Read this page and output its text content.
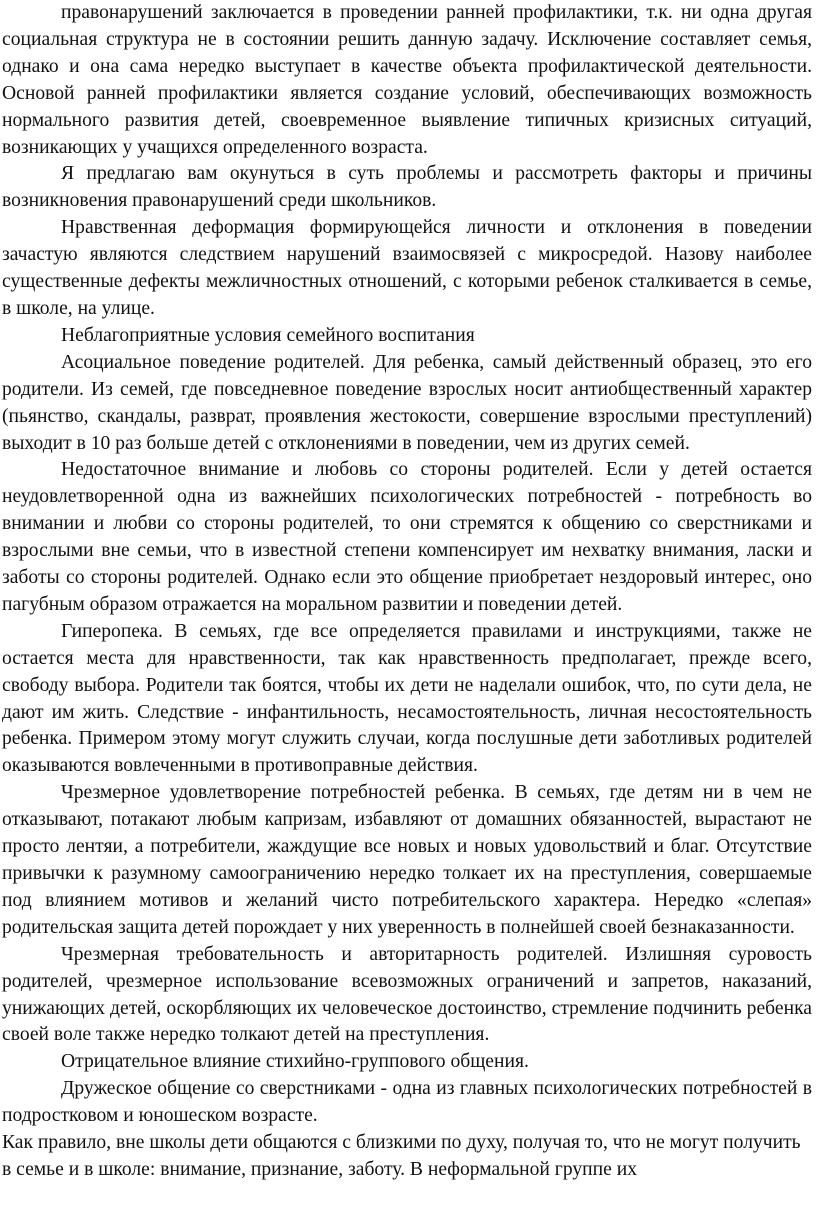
правонарушений заключается в проведении ранней профилактики, т.к. ни одна другая социальная структура не в состоянии решить данную задачу. Исключение составляет семья, однако и она сама нередко выступает в качестве объекта профилактической деятельности. Основой ранней профилактики является создание условий, обеспечивающих возможность нормального развития детей, своевременное выявление типичных кризисных ситуаций, возникающих у учащихся определенного возраста.

Я предлагаю вам окунуться в суть проблемы и рассмотреть факторы и причины возникновения правонарушений среди школьников.

Нравственная деформация формирующейся личности и отклонения в поведении зачастую являются следствием нарушений взаимосвязей с микросредой. Назову наиболее существенные дефекты межличностных отношений, с которыми ребенок сталкивается в семье, в школе, на улице.

Неблагоприятные условия семейного воспитания

Асоциальное поведение родителей. Для ребенка, самый действенный образец, это его родители. Из семей, где повседневное поведение взрослых носит антиобщественный характер (пьянство, скандалы, разврат, проявления жестокости, совершение взрослыми преступлений) выходит в 10 раз больше детей с отклонениями в поведении, чем из других семей.

Недостаточное внимание и любовь со стороны родителей. Если у детей остается неудовлетворенной одна из важнейших психологических потребностей - потребность во внимании и любви со стороны родителей, то они стремятся к общению со сверстниками и взрослыми вне семьи, что в известной степени компенсирует им нехватку внимания, ласки и заботы со стороны родителей. Однако если это общение приобретает нездоровый интерес, оно пагубным образом отражается на моральном развитии и поведении детей.

Гиперопека. В семьях, где все определяется правилами и инструкциями, также не остается места для нравственности, так как нравственность предполагает, прежде всего, свободу выбора. Родители так боятся, чтобы их дети не наделали ошибок, что, по сути дела, не дают им жить. Следствие - инфантильность, несамостоятельность, личная несостоятельность ребенка. Примером этому могут служить случаи, когда послушные дети заботливых родителей оказываются вовлеченными в противоправные действия.

Чрезмерное удовлетворение потребностей ребенка. В семьях, где детям ни в чем не отказывают, потакают любым капризам, избавляют от домашних обязанностей, вырастают не просто лентяи, а потребители, жаждущие все новых и новых удовольствий и благ. Отсутствие привычки к разумному самоограничению нередко толкает их на преступления, совершаемые под влиянием мотивов и желаний чисто потребительского характера. Нередко «слепая» родительская защита детей порождает у них уверенность в полнейшей своей безнаказанности.

Чрезмерная требовательность и авторитарность родителей. Излишняя суровость родителей, чрезмерное использование всевозможных ограничений и запретов, наказаний, унижающих детей, оскорбляющих их человеческое достоинство, стремление подчинить ребенка своей воле также нередко толкают детей на преступления.

Отрицательное влияние стихийно-группового общения.

Дружеское общение со сверстниками - одна из главных психологических потребностей в подростковом и юношеском возрасте.

Как правило, вне школы дети общаются с близкими по духу, получая то, что не могут получить в семье и в школе: внимание, признание, заботу. В неформальной группе их
